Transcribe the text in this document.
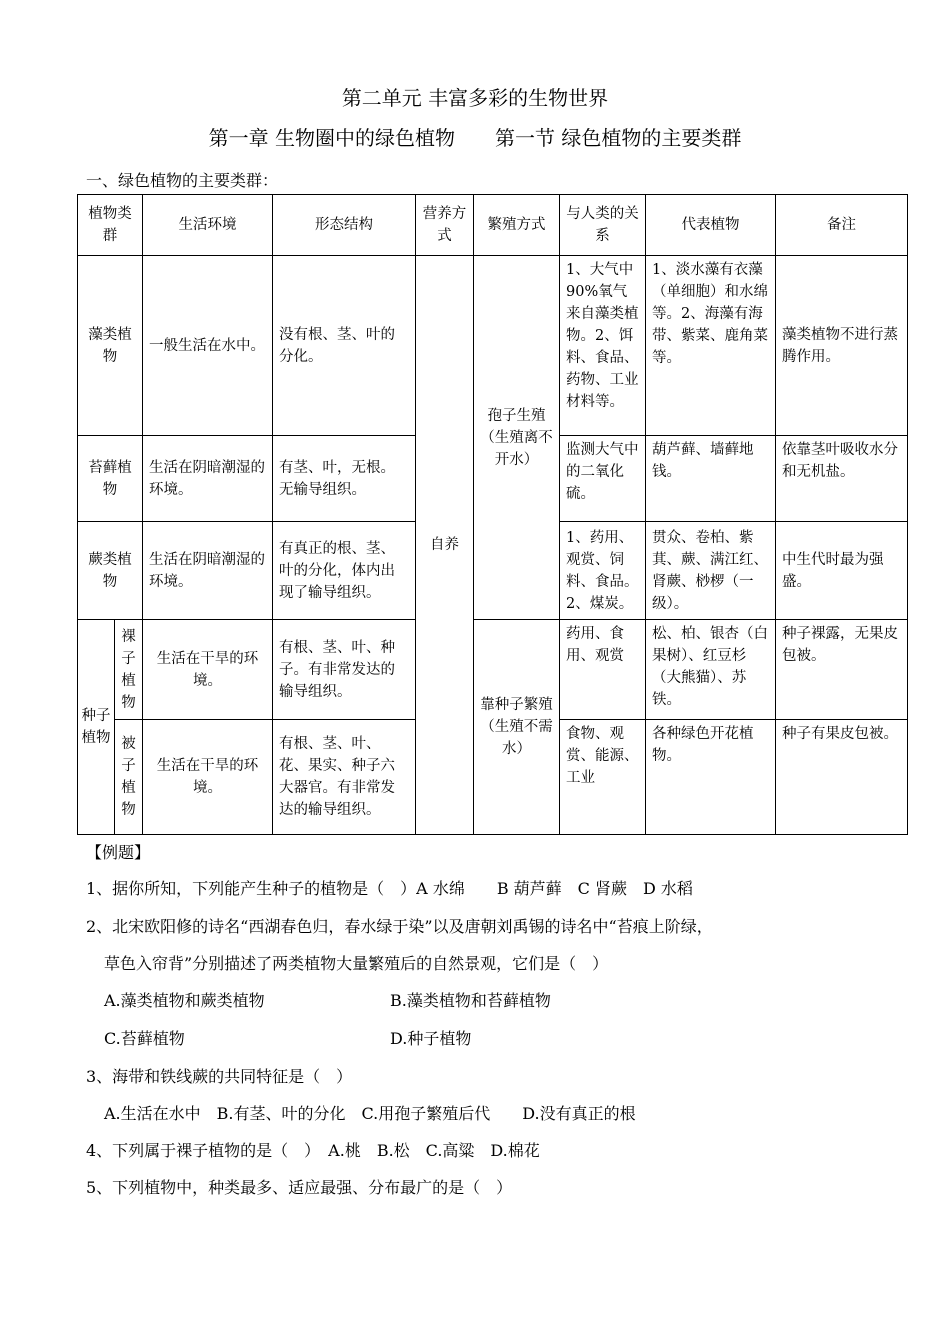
第二单元 丰富多彩的生物世界
第一章 生物圈中的绿色植物　　第一节 绿色植物的主要类群
一、绿色植物的主要类群：
植物类群		生活环境	形态结构	营养方式	繁殖方式	与人类的关系	代表植物	备注
藻类植物		一般生活在水中。	没有根、茎、叶的分化。	自养	孢子生殖（生殖离不开水）	1、大气中90%氧气来自藻类植物。2、饵料、食品、药物、工业材料等。	1、淡水藻有衣藻（单细胞）和水绵等。2、海藻有海带、紫菜、鹿角菜等。	藻类植物不进行蒸腾作用。
苔藓植物		生活在阴暗潮湿的环境。	有茎、叶，无根。无输导组织。			监测大气中的二氧化硫。	葫芦藓、墙藓地钱。	依靠茎叶吸收水分和无机盐。
蕨类植物		生活在阴暗潮湿的环境。	有真正的根、茎、叶的分化，体内出现了输导组织。			1、药用、观赏、饲料、食品。2、煤炭。	贯众、卷柏、紫萁、蕨、满江红、肾蕨、桫椤（一级）。	中生代时最为强盛。
种子植物	裸子植物	生活在干旱的环境。	有根、茎、叶、种子。有非常发达的输导组织。		靠种子繁殖（生殖不需水）	药用、食用、观赏	松、柏、银杏（白果树）、红豆杉（大熊猫）、苏铁。	种子裸露，无果皮包被。
	被子植物	生活在干旱的环境。	有根、茎、叶、花、果实、种子六大器官。有非常发达的输导组织。			食物、观赏、能源、工业	各种绿色开花植物。	种子有果皮包被。
【例题】
1、据你所知，下列能产生种子的植物是（　）A 水绵　　B 葫芦藓　C 肾蕨　D 水稻
2、北宋欧阳修的诗名“西湖春色归，春水绿于染”以及唐朝刘禹锡的诗名中“苔痕上阶绿，
草色入帘背”分别描述了两类植物大量繁殖后的自然景观，它们是（　）
A.藻类植物和蕨类植物	B.藻类植物和苔藓植物
C.苔藓植物	D.种子植物
3、海带和铁线蕨的共同特征是（　）
A.生活在水中　B.有茎、叶的分化　C.用孢子繁殖后代　　D.没有真正的根
4、下列属于裸子植物的是（　）　A.桃　B.松　C.高粱　D.棉花
5、下列植物中，种类最多、适应最强、分布最广的是（　）
